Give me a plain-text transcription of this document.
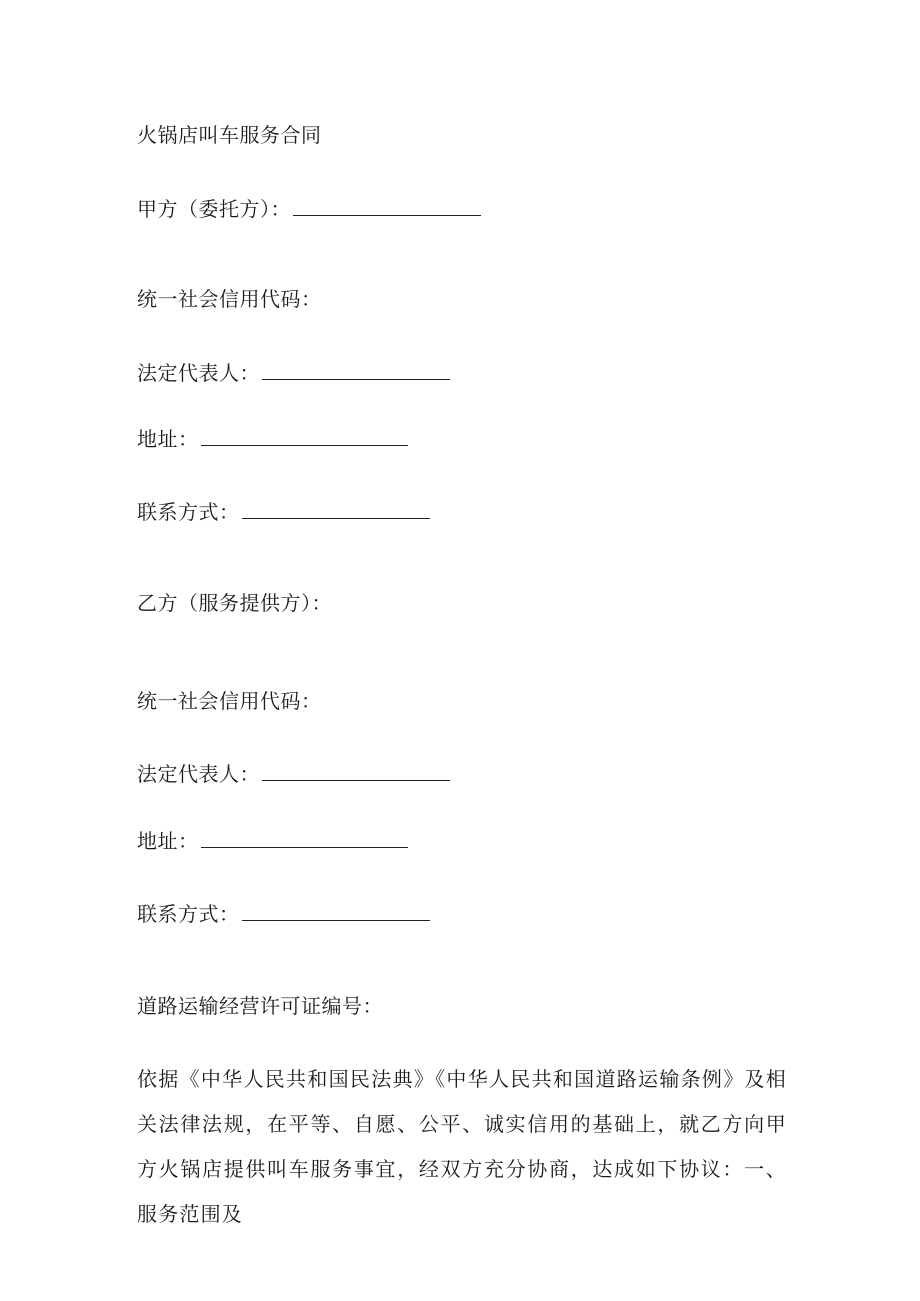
火锅店叫车服务合同
甲方（委托方）：
统一社会信用代码：
法定代表人：
地址：
联系方式：
乙方（服务提供方）：
统一社会信用代码：
法定代表人：
地址：
联系方式：
道路运输经营许可证编号：
依据《中华人民共和国民法典》《中华人民共和国道路运输条例》及相关法律法规，在平等、自愿、公平、诚实信用的基础上，就乙方向甲方火锅店提供叫车服务事宜，经双方充分协商，达成如下协议：一、服务范围及
